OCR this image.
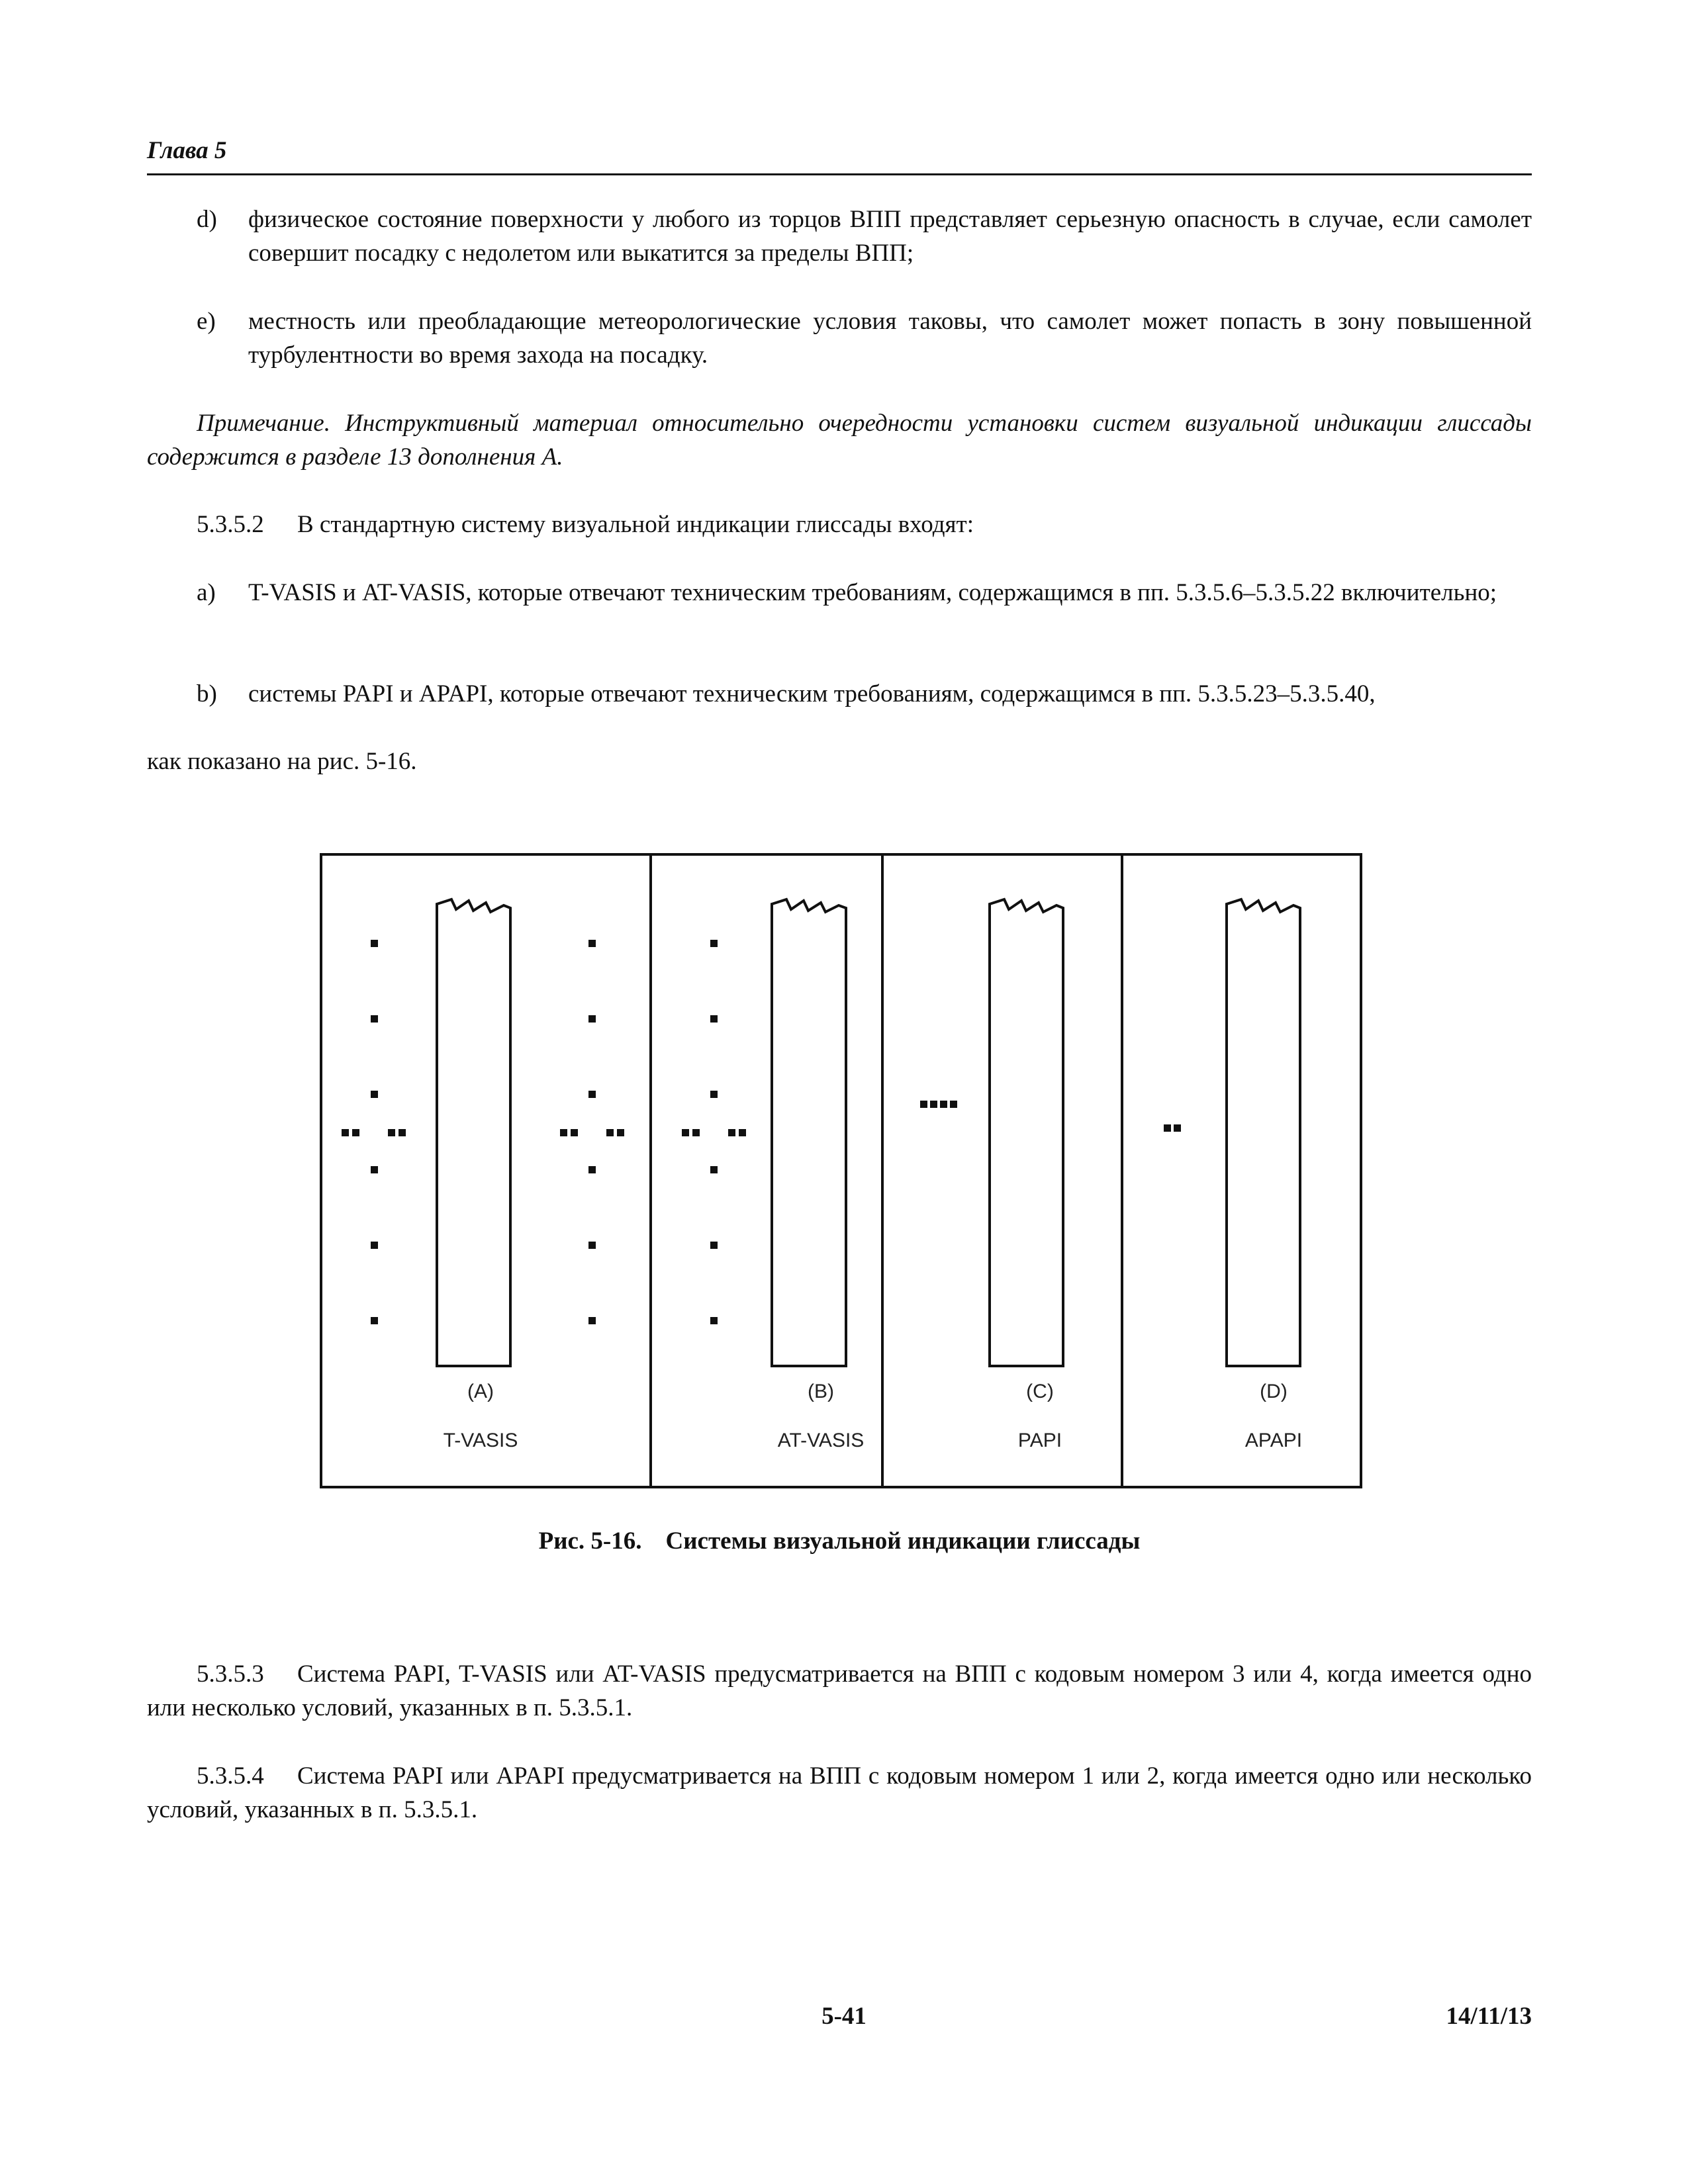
Глава 5
d) физическое состояние поверхности у любого из торцов ВПП представляет серьезную опасность в случае, если самолет совершит посадку с недолетом или выкатится за пределы ВПП;
e) местность или преобладающие метеорологические условия таковы, что самолет может попасть в зону повышенной турбулентности во время захода на посадку.
Примечание. Инструктивный материал относительно очередности установки систем визуальной индикации глиссады содержится в разделе 13 дополнения А.
5.3.5.2 В стандартную систему визуальной индикации глиссады входят:
a) T-VASIS и AT-VASIS, которые отвечают техническим требованиям, содержащимся в пп. 5.3.5.6–5.3.5.22 включительно;
b) системы PAPI и APAPI, которые отвечают техническим требованиям, содержащимся в пп. 5.3.5.23–5.3.5.40,
как показано на рис. 5-16.
(A)
T-VASIS
(B)
AT-VASIS
(C)
PAPI
(D)
APAPI
Рис. 5-16. Системы визуальной индикации глиссады
5.3.5.3 Система PAPI, T-VASIS или AT-VASIS предусматривается на ВПП с кодовым номером 3 или 4, когда имеется одно или несколько условий, указанных в п. 5.3.5.1.
5.3.5.4 Система PAPI или APAPI предусматривается на ВПП с кодовым номером 1 или 2, когда имеется одно или несколько условий, указанных в п. 5.3.5.1.
5-41	14/11/13
